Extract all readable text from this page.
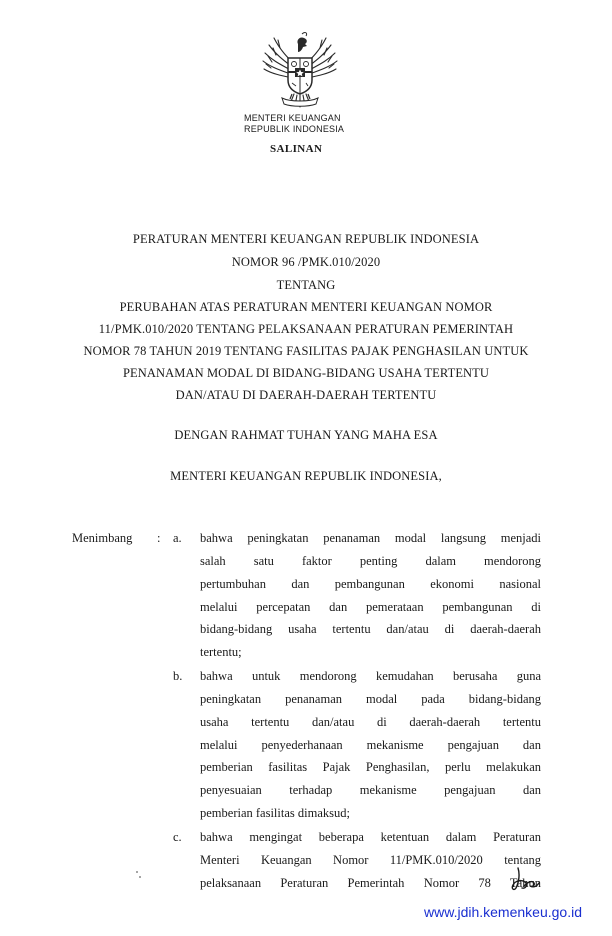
MENTERI KEUANGAN
REPUBLIK INDONESIA
SALINAN
PERATURAN MENTERI KEUANGAN REPUBLIK INDONESIA
NOMOR 96 /PMK.010/2020
TENTANG
PERUBAHAN ATAS PERATURAN MENTERI KEUANGAN NOMOR
11/PMK.010/2020 TENTANG PELAKSANAAN PERATURAN PEMERINTAH
NOMOR 78 TAHUN 2019 TENTANG FASILITAS PAJAK PENGHASILAN UNTUK
PENANAMAN MODAL DI BIDANG-BIDANG USAHA TERTENTU
DAN/ATAU DI DAERAH-DAERAH TERTENTU
DENGAN RAHMAT TUHAN YANG MAHA ESA
MENTERI KEUANGAN REPUBLIK INDONESIA,
Menimbang : a. bahwa peningkatan penanaman modal langsung menjadi
salah satu faktor penting dalam mendorong
pertumbuhan dan pembangunan ekonomi nasional
melalui percepatan dan pemerataan pembangunan di
bidang-bidang usaha tertentu dan/atau di daerah-daerah
tertentu;
b. bahwa untuk mendorong kemudahan berusaha guna
peningkatan penanaman modal pada bidang-bidang
usaha tertentu dan/atau di daerah-daerah tertentu
melalui penyederhanaan mekanisme pengajuan dan
pemberian fasilitas Pajak Penghasilan, perlu melakukan
penyesuaian terhadap mekanisme pengajuan dan
pemberian fasilitas dimaksud;
c. bahwa mengingat beberapa ketentuan dalam Peraturan
Menteri Keuangan Nomor 11/PMK.010/2020 tentang
pelaksanaan Peraturan Pemerintah Nomor 78 Tahun
www.jdih.kemenkeu.go.id
